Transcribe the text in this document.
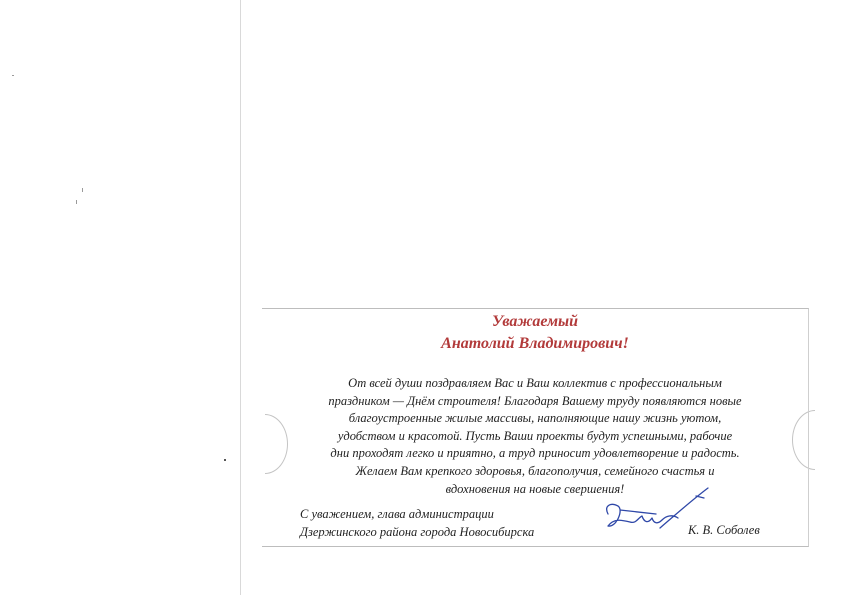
Уважаемый
Анатолий Владимирович!
От всей души поздравляем Вас и Ваш коллектив с профессиональным
праздником — Днём строителя! Благодаря Вашему труду появляются новые
благоустроенные жилые массивы, наполняющие нашу жизнь уютом,
удобством и красотой. Пусть Ваши проекты будут успешными, рабочие
дни проходят легко и приятно, а труд приносит удовлетворение и радость.
Желаем Вам крепкого здоровья, благополучия, семейного счастья и
вдохновения на новые свершения!
С уважением, глава администрации
Дзержинского района города Новосибирска	К. В. Соболев
